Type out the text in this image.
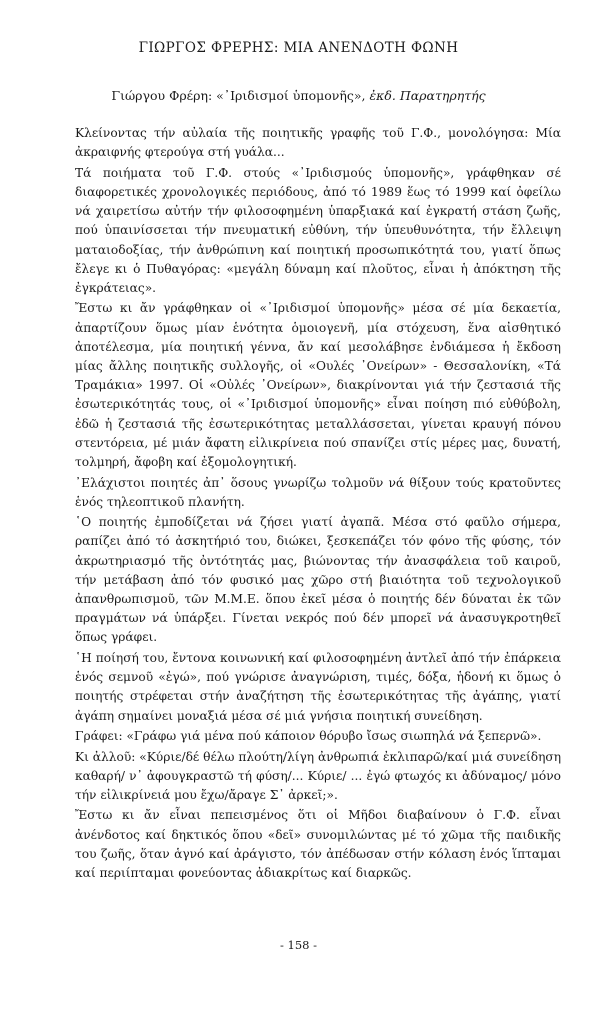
ΓΙΩΡΓΟΣ ΦΡΕΡΗΣ: ΜΙΑ ΑΝΕΝΔΟΤΗ ΦΩΝΗ
Γιώργου Φρέρη: «᾽Ιριδισμοί ὑπομονῆς», ἐκδ. Παρατηρητής

Κλείνοντας τήν αὐλαία τῆς ποιητικῆς γραφῆς τοῦ Γ.Φ., μονολόγησα: Μία ἀκραιφνής φτερούγα στή γυάλα...

Τά ποιήματα τοῦ Γ.Φ. στούς «᾽Ιριδισμούς ὑπομονῆς», γράφθηκαν σέ διαφορετικές χρονολογικές περιόδους, ἀπό τό 1989 ἕως τό 1999 καί ὀφείλω νά χαιρετίσω αὐτήν τήν φιλοσοφημένη ὑπαρξιακά καί ἐγκρατή στάση ζωῆς, πού ὑπαινίσσεται τήν πνευματική εὐθύνη, τήν ὑπευθυνότητα, τήν ἔλλειψη ματαιοδοξίας, τήν ἀνθρώπινη καί ποιητική προσωπικότητά του, γιατί ὅπως ἔλεγε κι ὁ Πυθαγόρας: «μεγάλη δύναμη καί πλοῦτος, εἶναι ἡ ἀπόκτηση τῆς ἐγκράτειας».

Ἔστω κι ἄν γράφθηκαν οἱ «᾽Ιριδισμοί ὑπομονῆς» μέσα σέ μία δεκαετία, ἀπαρτίζουν ὅμως μίαν ἑνότητα ὁμοιογενῆ, μία στόχευση, ἕνα αἰσθητικό ἀποτέλεσμα, μία ποιητική γέννα, ἄν καί μεσολάβησε ἐνδιάμεσα ἡ ἔκδοση μίας ἄλλης ποιητικῆς συλλογῆς, οἱ «Ουλές ᾽Ονείρων» - Θεσσαλονίκη, «Τά Τραμάκια» 1997. Οἱ «Οὐλές ᾽Ονείρων», διακρίνονται γιά τήν ζεστασιά τῆς ἐσωτερικότητάς τους, οἱ «᾽Ιριδισμοί ὑπομονῆς» εἶναι ποίηση πιό εὐθύβολη, ἐδῶ ἡ ζεστασιά τῆς ἐσωτερικότητας μεταλλάσσεται, γίνεται κραυγή πόνου στεντόρεια, μέ μιάν ἄφατη εἰλικρίνεια πού σπανίζει στίς μέρες μας, δυνατή, τολμηρή, ἄφοβη καί ἐξομολογητική.

᾽Ελάχιστοι ποιητές ἀπ᾽ ὅσους γνωρίζω τολμοῦν νά θίξουν τούς κρατοῦντες ἑνός τηλεοπτικοῦ πλανήτη.

῾Ο ποιητής ἐμποδίζεται νά ζήσει γιατί ἀγαπᾶ. Μέσα στό φαῦλο σήμερα, ραπίζει ἀπό τό ἀσκητήριό του, διώκει, ξεσκεπάζει τόν φόνο τῆς φύσης, τόν ἀκρωτηριασμό τῆς ὀντότητάς μας, βιώνοντας τήν ἀνασφάλεια τοῦ καιροῦ, τήν μετάβαση ἀπό τόν φυσικό μας χῶρο στή βιαιότητα τοῦ τεχνολογικοῦ ἀπανθρωπισμοῦ, τῶν Μ.Μ.Ε. ὅπου ἐκεῖ μέσα ὁ ποιητής δέν δύναται ἐκ τῶν πραγμάτων νά ὑπάρξει. Γίνεται νεκρός πού δέν μπορεῖ νά ἀνασυγκροτηθεῖ ὅπως γράφει.

῾Η ποίησή του, ἔντονα κοινωνική καί φιλοσοφημένη ἀντλεῖ ἀπό τήν ἐπάρκεια ἑνός σεμνοῦ «ἐγώ», πού γνώρισε ἀναγνώριση, τιμές, δόξα, ἡδονή κι ὅμως ὁ ποιητής στρέφεται στήν ἀναζήτηση τῆς ἐσωτερικότητας τῆς ἀγάπης, γιατί ἀγάπη σημαίνει μοναξιά μέσα σέ μιά γνήσια ποιητική συνείδηση.

Γράφει: «Γράφω γιά μένα πού κάποιον θόρυβο ἴσως σιωπηλά νά ξεπερνῶ».

Κι ἀλλοῦ: «Κύριε/δέ θέλω πλούτη/λίγη ἀνθρωπιά ἐκλιπαρῶ/καί μιά συνείδηση καθαρή/ ν᾽ ἀφουγκραστῶ τή φύση/... Κύριε/ ... ἐγώ φτωχός κι ἀδύναμος/ μόνο τήν εἰλικρίνειά μου ἔχω/ἄραγε Σ᾽ ἀρκεῖ;».

Ἔστω κι ἄν εἶναι πεπεισμένος ὅτι οἱ Μῆδοι διαβαίνουν ὁ Γ.Φ. εἶναι ἀνένδοτος καί δηκτικός ὅπου «δεῖ» συνομιλώντας μέ τό χῶμα τῆς παιδικῆς του ζωῆς, ὅταν ἁγνό καί ἀράγιστο, τόν ἀπέδωσαν στήν κόλαση ἑνός ἵπταμαι καί περιίπταμαι φονεύοντας ἀδιακρίτως καί διαρκῶς.

- 158 -
